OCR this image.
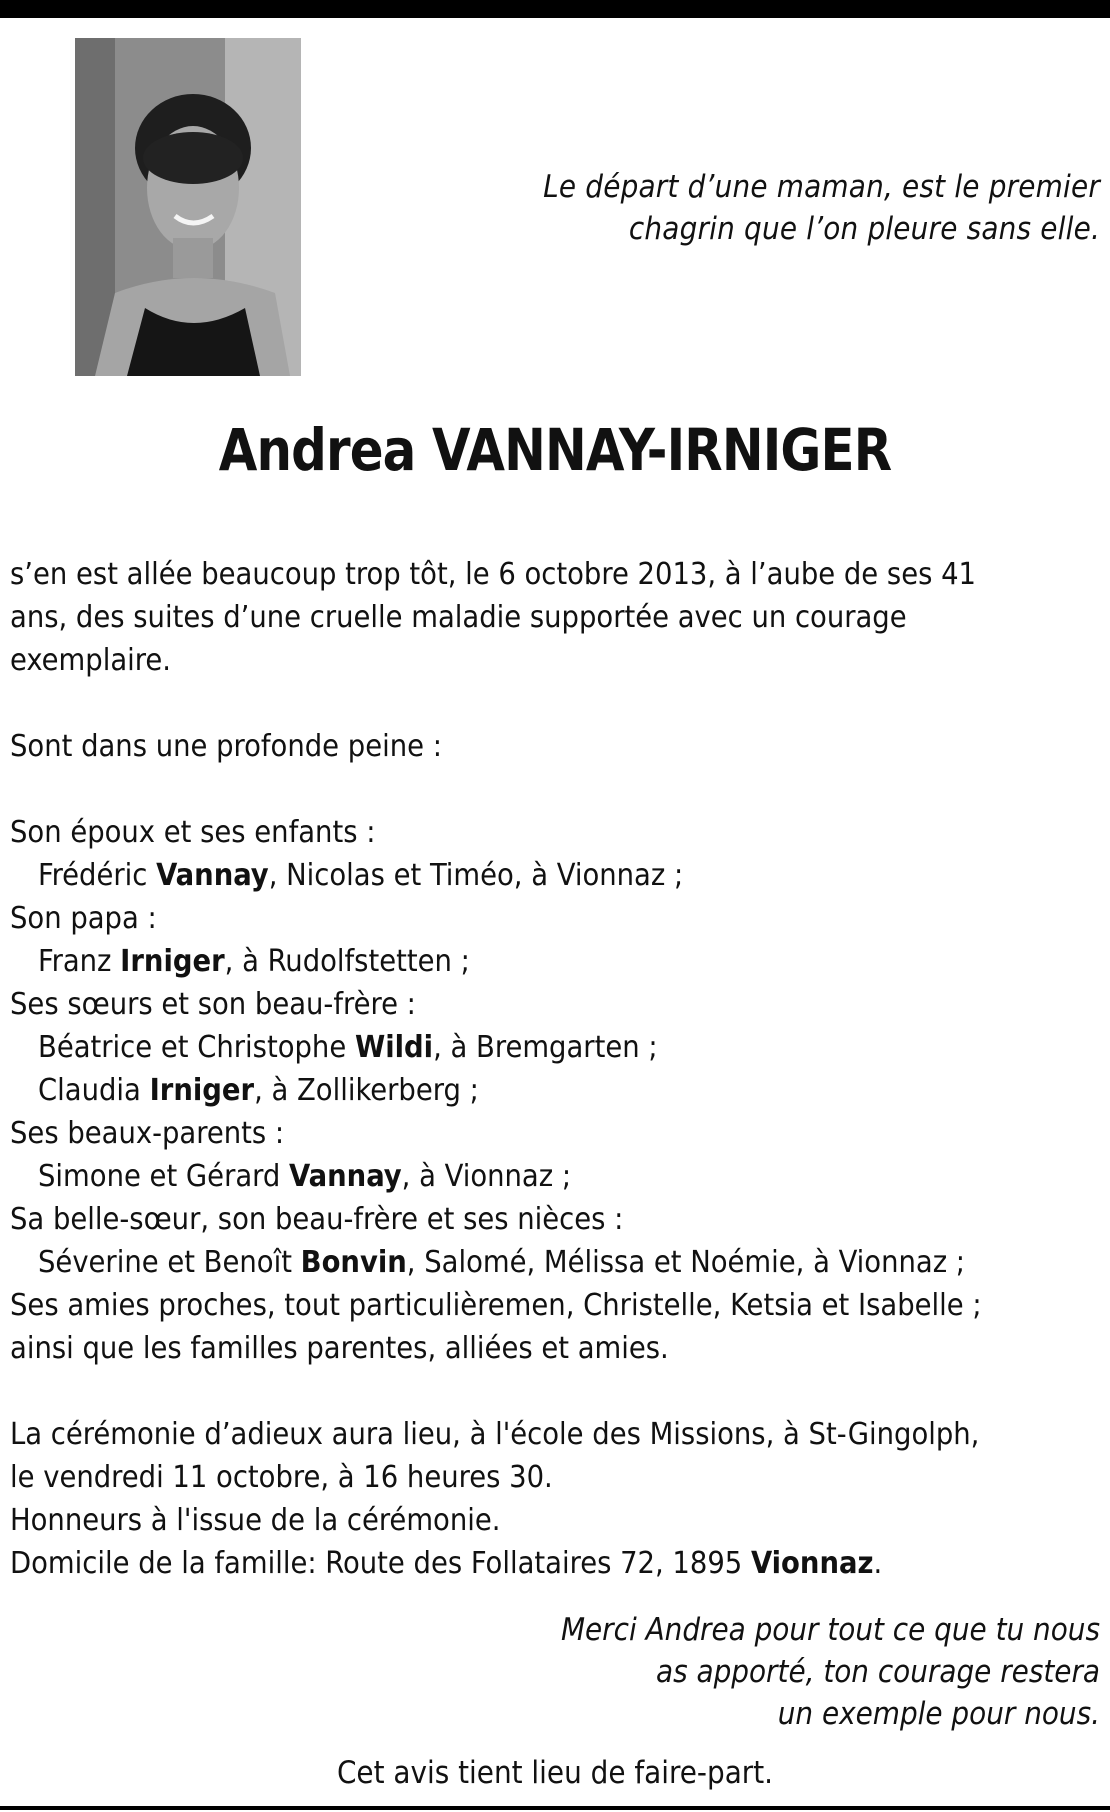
Le départ d’une maman, est le premier
chagrin que l’on pleure sans elle.
Andrea VANNAY-IRNIGER

s’en est allée beaucoup trop tôt, le 6 octobre 2013, à l’aube de ses 41

ans, des suites d’une cruelle maladie supportée avec un courage

exemplaire.

Sont dans une profonde peine :

Son époux et ses enfants :

Frédéric Vannay, Nicolas et Timéo, à Vionnaz ;

Son papa :

Franz Irniger, à Rudolfstetten ;

Ses sœurs et son beau-frère :

Béatrice et Christophe Wildi, à Bremgarten ;

Claudia Irniger, à Zollikerberg ;

Ses beaux-parents :

Simone et Gérard Vannay, à Vionnaz ;

Sa belle-sœur, son beau-frère et ses nièces :

Séverine et Benoît Bonvin, Salomé, Mélissa et Noémie, à Vionnaz ;

Ses amies proches, tout particulièremen, Christelle, Ketsia et Isabelle ;

ainsi que les familles parentes, alliées et amies.

La cérémonie d’adieux aura lieu, à l'école des Missions, à St-Gingolph,

le vendredi 11 octobre, à 16 heures 30.

Honneurs à l'issue de la cérémonie.

Domicile de la famille: Route des Follataires 72, 1895 Vionnaz.

Merci Andrea pour tout ce que tu nous
as apporté, ton courage restera
un exemple pour nous.
Cet avis tient lieu de faire-part.
